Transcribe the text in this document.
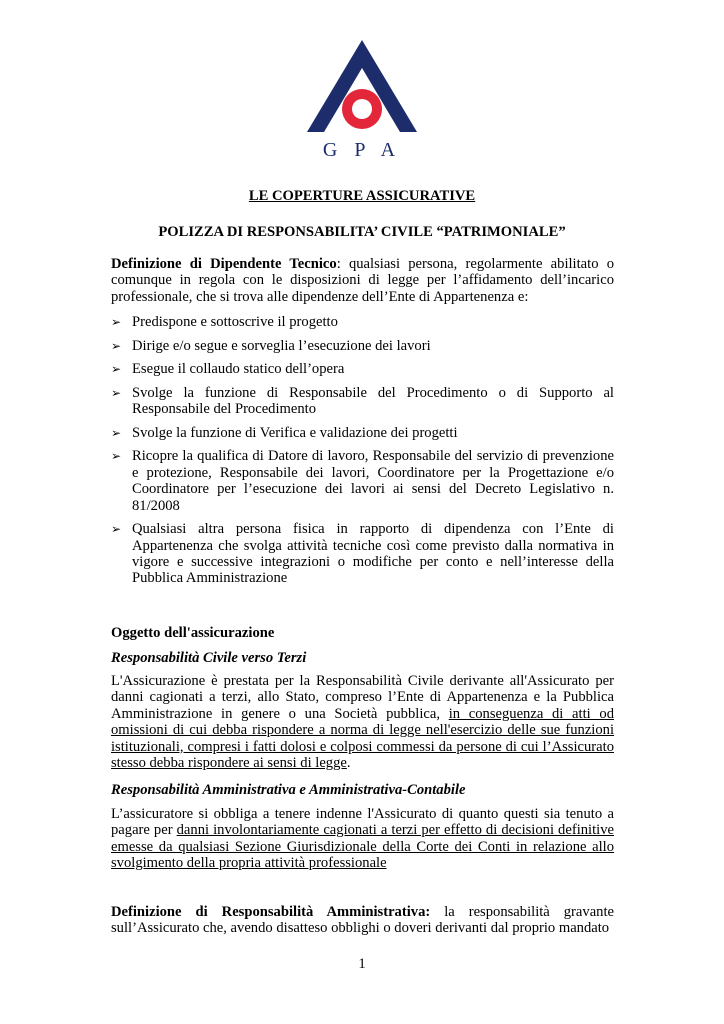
G P A
LE COPERTURE ASSICURATIVE
POLIZZA DI RESPONSABILITA’ CIVILE “PATRIMONIALE”
Definizione di Dipendente Tecnico: qualsiasi persona, regolarmente abilitato o comunque in regola con le disposizioni di legge per l’affidamento dell’incarico professionale, che si trova alle dipendenze dell’Ente di Appartenenza e:
➢ Predispone e sottoscrive il progetto
➢ Dirige e/o segue e sorveglia l’esecuzione dei lavori
➢ Esegue il collaudo statico dell’opera
➢ Svolge la funzione di Responsabile del Procedimento o di Supporto al Responsabile del Procedimento
➢ Svolge la funzione di Verifica e validazione dei progetti
➢ Ricopre la qualifica di Datore di lavoro, Responsabile del servizio di prevenzione e protezione, Responsabile dei lavori, Coordinatore per la Progettazione e/o Coordinatore per l’esecuzione dei lavori ai sensi del Decreto Legislativo n. 81/2008
➢ Qualsiasi altra persona fisica in rapporto di dipendenza con l’Ente di Appartenenza che svolga attività tecniche così come previsto dalla normativa in vigore e successive integrazioni o modifiche per conto e nell’interesse della Pubblica Amministrazione
Oggetto dell'assicurazione
Responsabilità Civile verso Terzi
L'Assicurazione è prestata per la Responsabilità Civile derivante all'Assicurato per danni cagionati a terzi, allo Stato, compreso l’Ente di Appartenenza e la Pubblica Amministrazione in genere o una Società pubblica, in conseguenza di atti od omissioni di cui debba rispondere a norma di legge nell'esercizio delle sue funzioni istituzionali, compresi i fatti dolosi e colposi commessi da persone di cui l’Assicurato stesso debba rispondere ai sensi di legge.
Responsabilità Amministrativa e Amministrativa-Contabile
L’assicuratore si obbliga a tenere indenne l'Assicurato di quanto questi sia tenuto a pagare per danni involontariamente cagionati a terzi per effetto di decisioni definitive emesse da qualsiasi Sezione Giurisdizionale della Corte dei Conti in relazione allo svolgimento della propria attività professionale
Definizione di Responsabilità Amministrativa: la responsabilità gravante sull’Assicurato che, avendo disatteso obblighi o doveri derivanti dal proprio mandato
1
